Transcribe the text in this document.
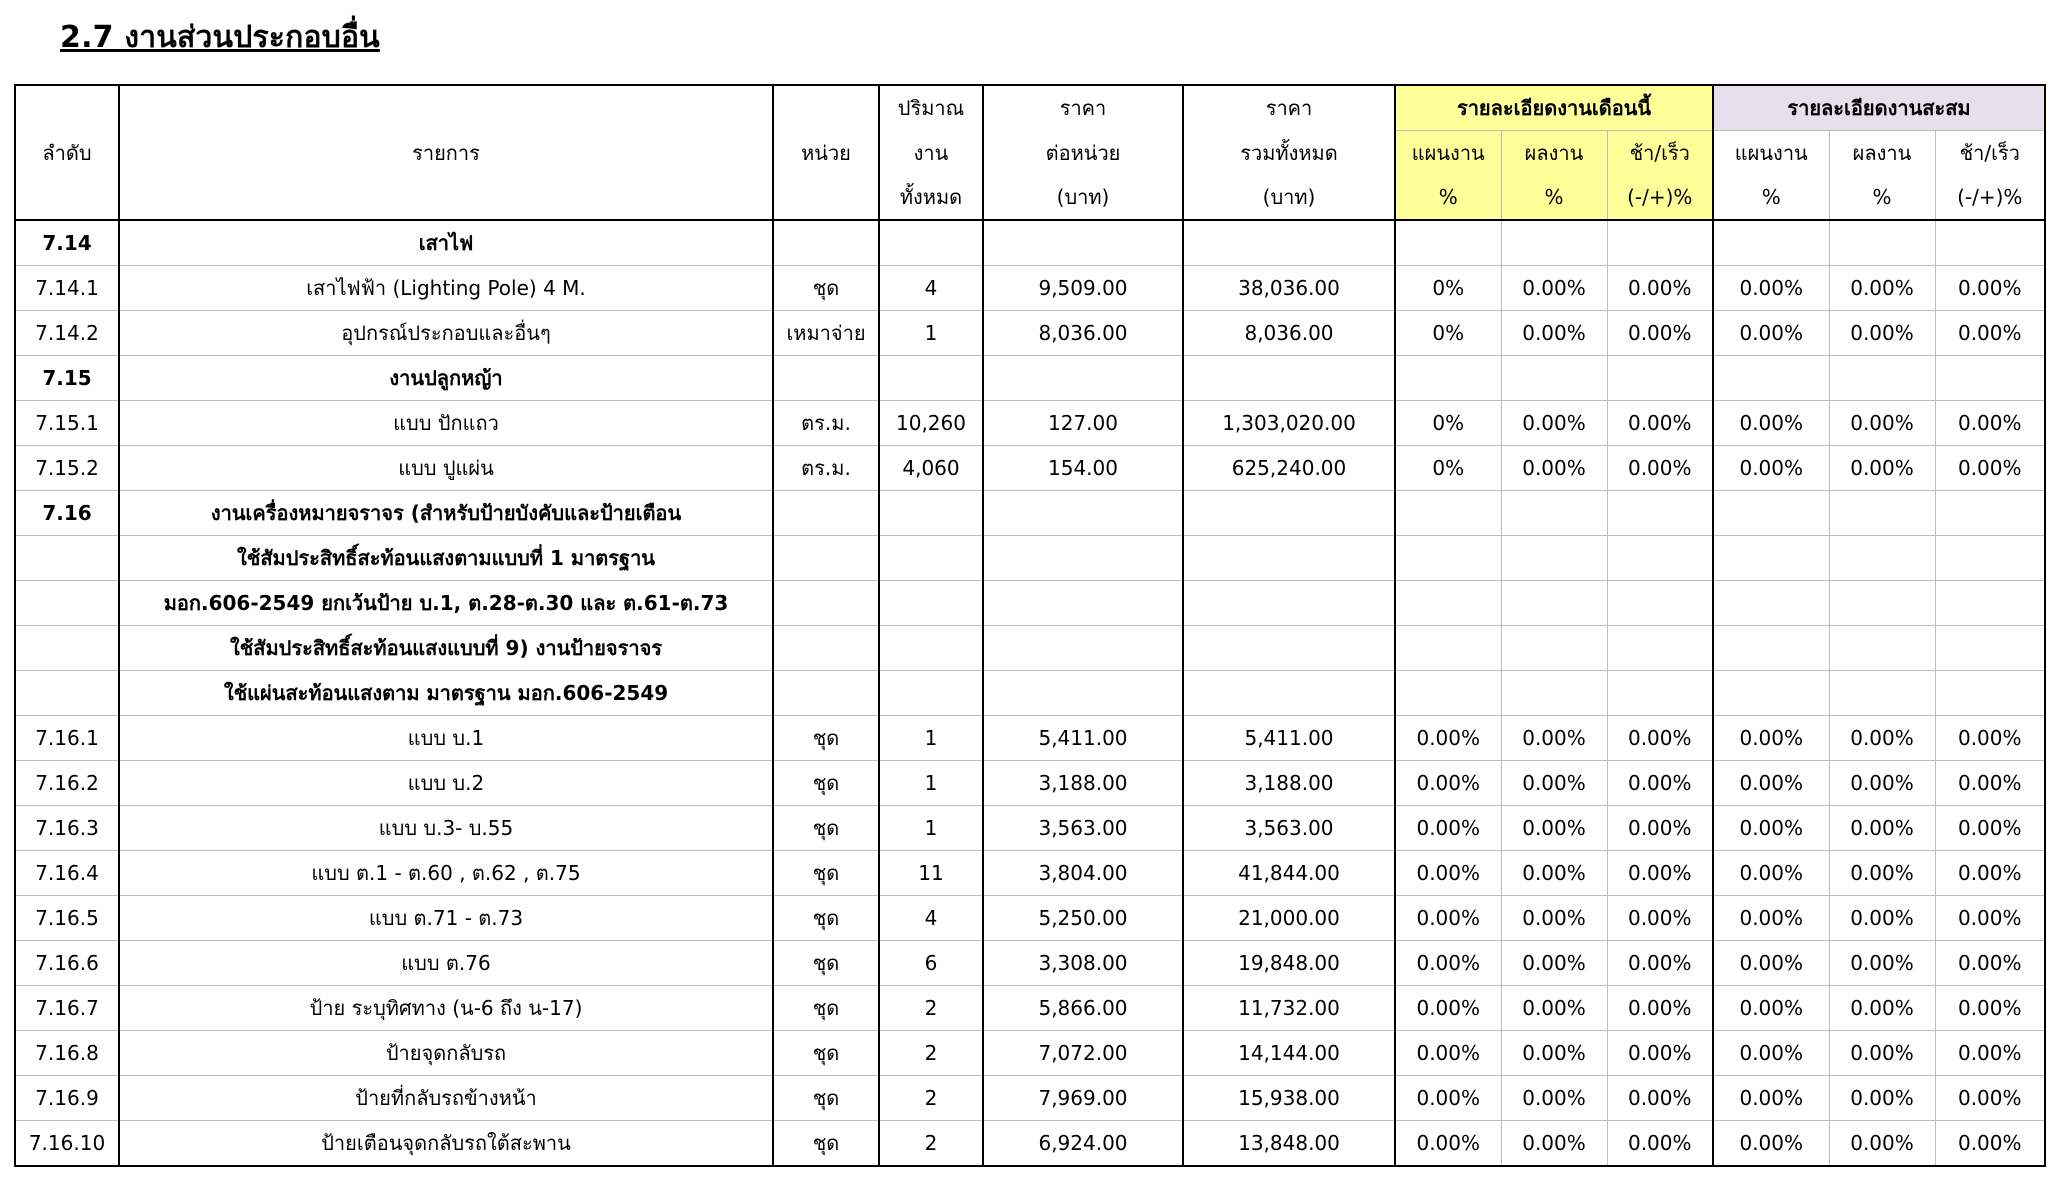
2.7 งานส่วนประกอบอื่น
ลำดับ	รายการ	หน่วย	ปริมาณ	ราคา	ราคา	รายละเอียดงานเดือนนี้			รายละเอียดงานสะสม		
			งาน	ต่อหน่วย	รวมทั้งหมด	แผนงาน	ผลงาน	ช้า/เร็ว	แผนงาน	ผลงาน	ช้า/เร็ว
			ทั้งหมด	(บาท)	(บาท)	%	%	(-/+)%	%	%	(-/+)%
7.14	เสาไฟ										
7.14.1	เสาไฟฟ้า (Lighting Pole) 4 M.	ชุด	4	9,509.00	38,036.00	0%	0.00%	0.00%	0.00%	0.00%	0.00%
7.14.2	อุปกรณ์ประกอบและอื่นๆ	เหมาจ่าย	1	8,036.00	8,036.00	0%	0.00%	0.00%	0.00%	0.00%	0.00%
7.15	งานปลูกหญ้า										
7.15.1	แบบ ปักแถว	ตร.ม.	10,260	127.00	1,303,020.00	0%	0.00%	0.00%	0.00%	0.00%	0.00%
7.15.2	แบบ ปูแผ่น	ตร.ม.	4,060	154.00	625,240.00	0%	0.00%	0.00%	0.00%	0.00%	0.00%
7.16	งานเครื่องหมายจราจร (สำหรับป้ายบังคับและป้ายเตือน										
	ใช้สัมประสิทธิ์สะท้อนแสงตามแบบที่ 1 มาตรฐาน										
	มอก.606-2549 ยกเว้นป้าย บ.1, ต.28-ต.30 และ ต.61-ต.73										
	ใช้สัมประสิทธิ์สะท้อนแสงแบบที่ 9) งานป้ายจราจร										
	ใช้แผ่นสะท้อนแสงตาม มาตรฐาน มอก.606-2549										
7.16.1	แบบ บ.1	ชุด	1	5,411.00	5,411.00	0.00%	0.00%	0.00%	0.00%	0.00%	0.00%
7.16.2	แบบ บ.2	ชุด	1	3,188.00	3,188.00	0.00%	0.00%	0.00%	0.00%	0.00%	0.00%
7.16.3	แบบ บ.3- บ.55	ชุด	1	3,563.00	3,563.00	0.00%	0.00%	0.00%	0.00%	0.00%	0.00%
7.16.4	แบบ ต.1 - ต.60 , ต.62 , ต.75	ชุด	11	3,804.00	41,844.00	0.00%	0.00%	0.00%	0.00%	0.00%	0.00%
7.16.5	แบบ ต.71 - ต.73	ชุด	4	5,250.00	21,000.00	0.00%	0.00%	0.00%	0.00%	0.00%	0.00%
7.16.6	แบบ ต.76	ชุด	6	3,308.00	19,848.00	0.00%	0.00%	0.00%	0.00%	0.00%	0.00%
7.16.7	ป้าย ระบุทิศทาง (น-6 ถึง น-17)	ชุด	2	5,866.00	11,732.00	0.00%	0.00%	0.00%	0.00%	0.00%	0.00%
7.16.8	ป้ายจุดกลับรถ	ชุด	2	7,072.00	14,144.00	0.00%	0.00%	0.00%	0.00%	0.00%	0.00%
7.16.9	ป้ายที่กลับรถข้างหน้า	ชุด	2	7,969.00	15,938.00	0.00%	0.00%	0.00%	0.00%	0.00%	0.00%
7.16.10	ป้ายเตือนจุดกลับรถใต้สะพาน	ชุด	2	6,924.00	13,848.00	0.00%	0.00%	0.00%	0.00%	0.00%	0.00%
